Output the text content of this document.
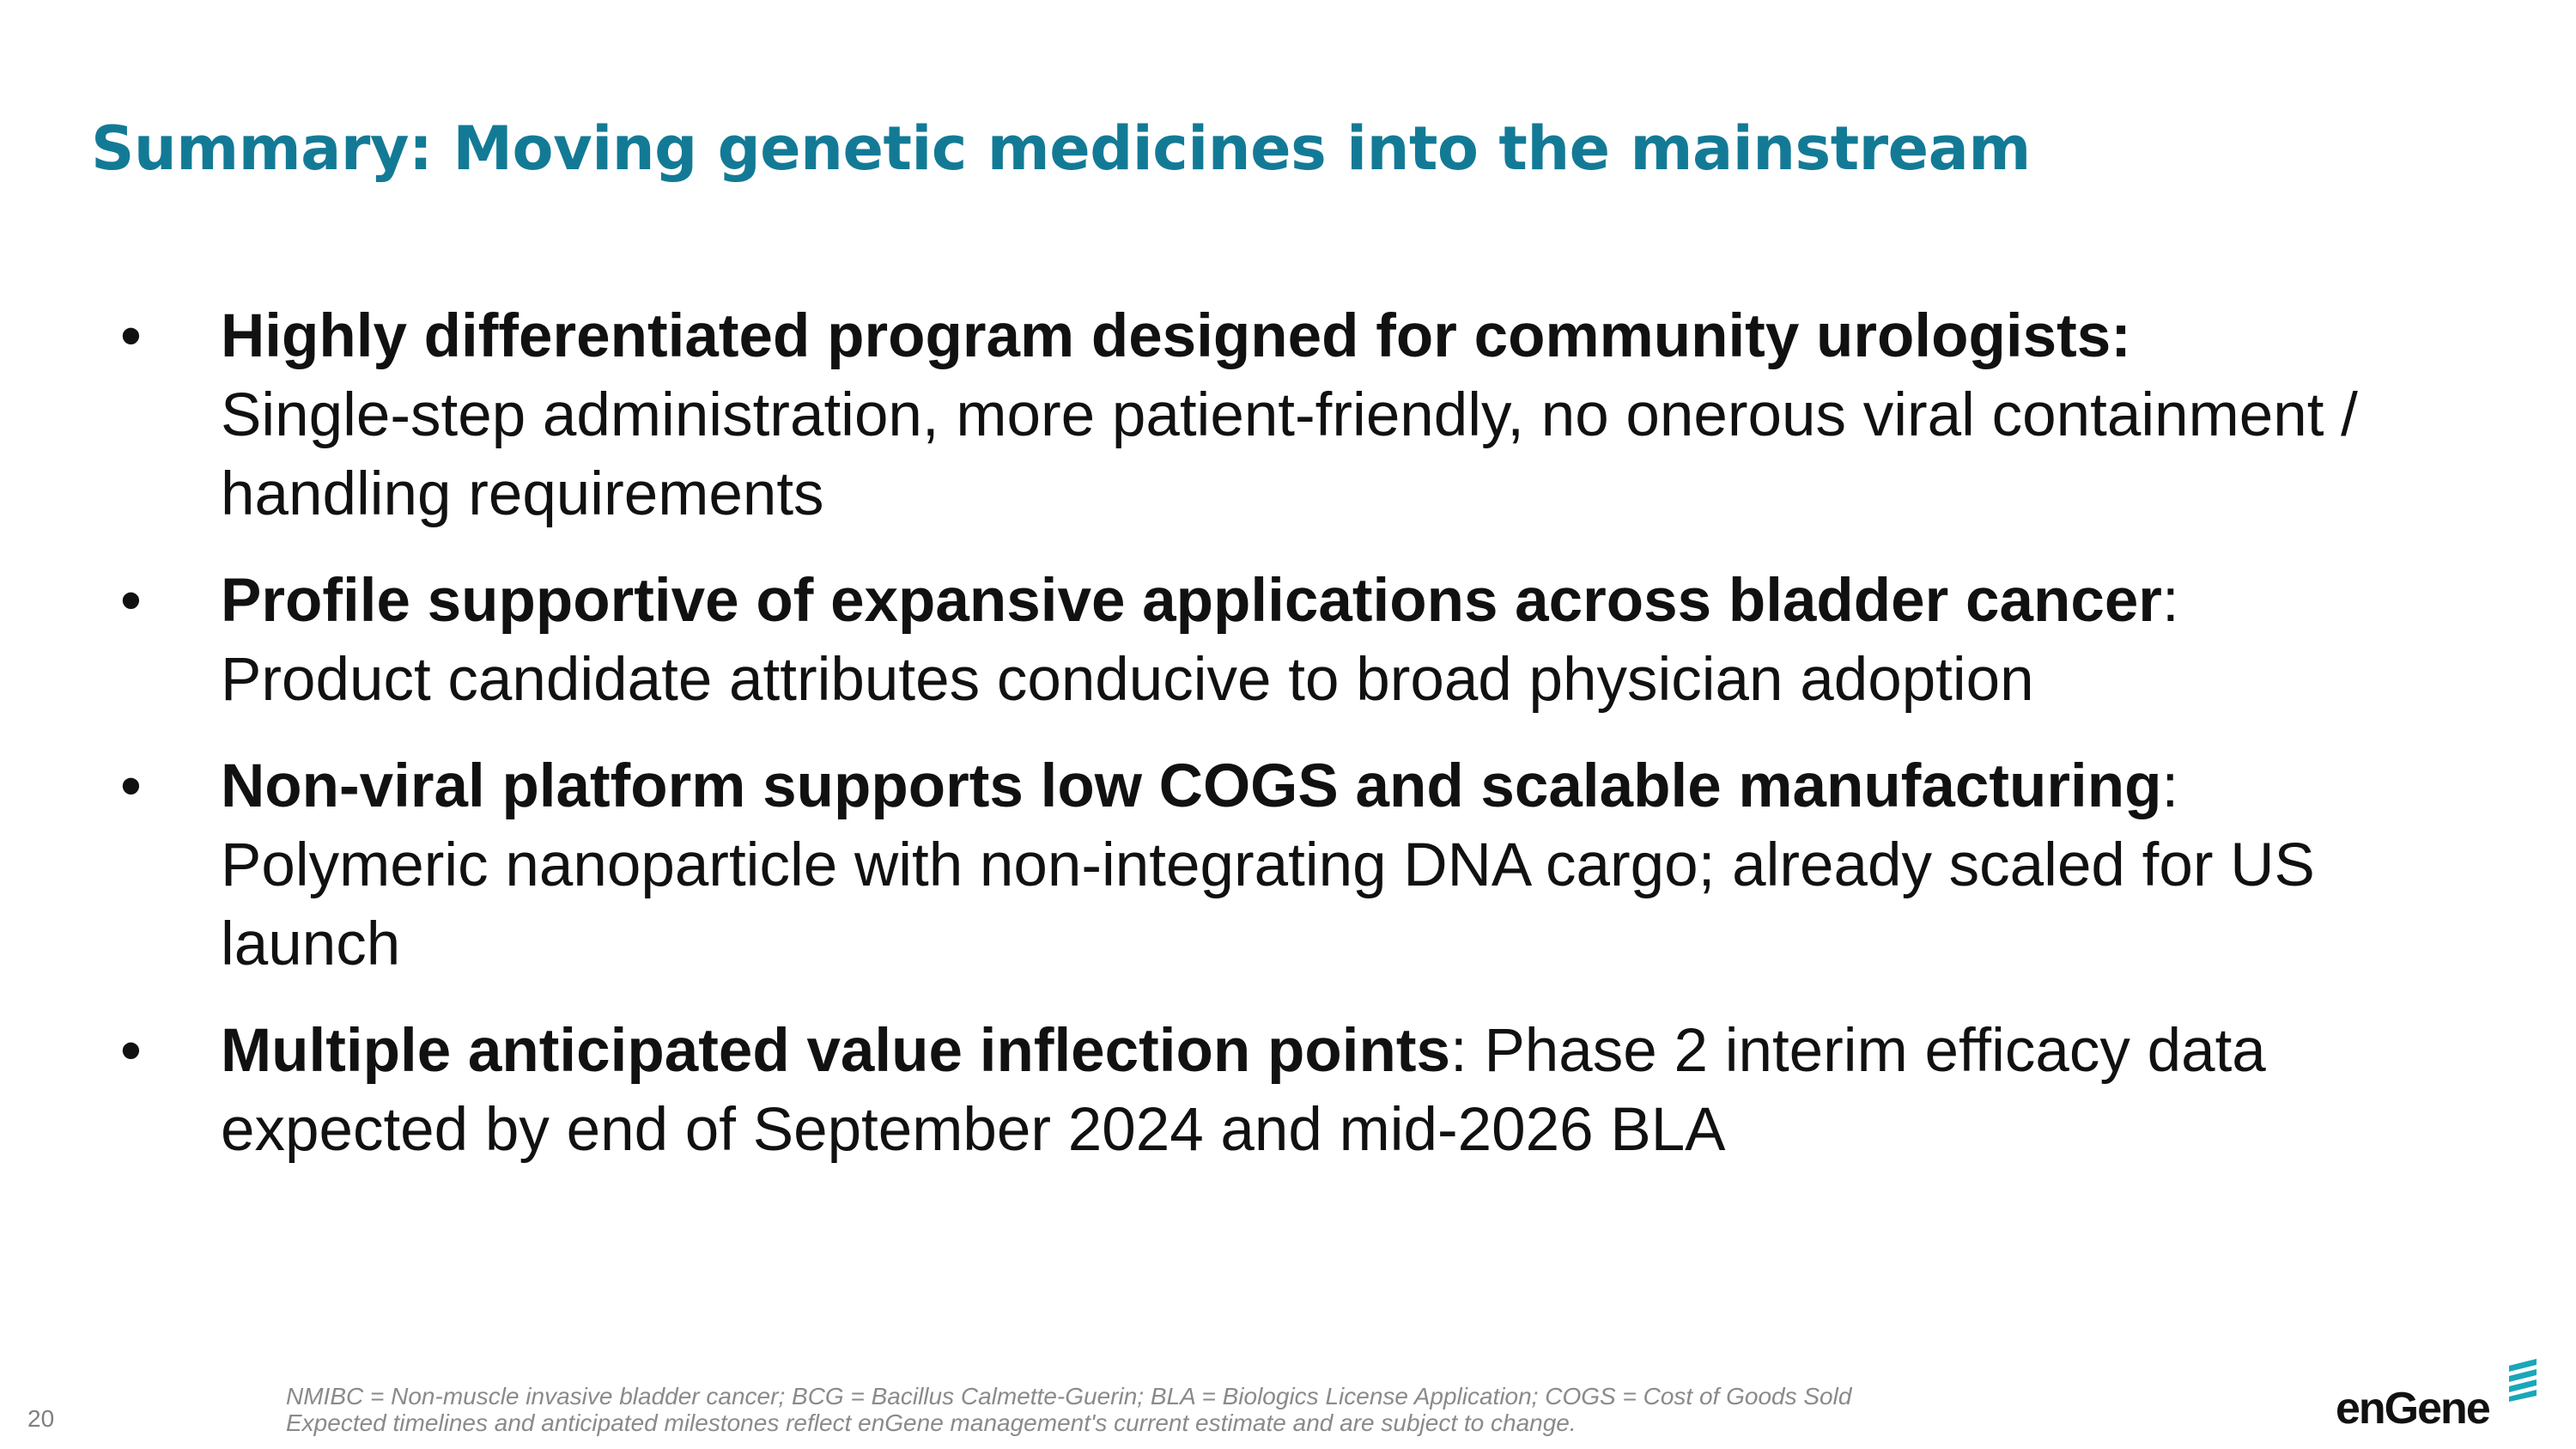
Summary: Moving genetic medicines into the mainstream
• Highly differentiated program designed for community urologists:
Single-step administration, more patient-friendly, no onerous viral containment / handling requirements
• Profile supportive of expansive applications across bladder cancer:
Product candidate attributes conducive to broad physician adoption
• Non-viral platform supports low COGS and scalable manufacturing:
Polymeric nanoparticle with non-integrating DNA cargo; already scaled for US launch
• Multiple anticipated value inflection points: Phase 2 interim efficacy data expected by end of September 2024 and mid-2026 BLA
20
NMIBC = Non-muscle invasive bladder cancer; BCG = Bacillus Calmette-Guerin; BLA = Biologics License Application; COGS = Cost of Goods Sold
Expected timelines and anticipated milestones reflect enGene management's current estimate and are subject to change.	enGene
